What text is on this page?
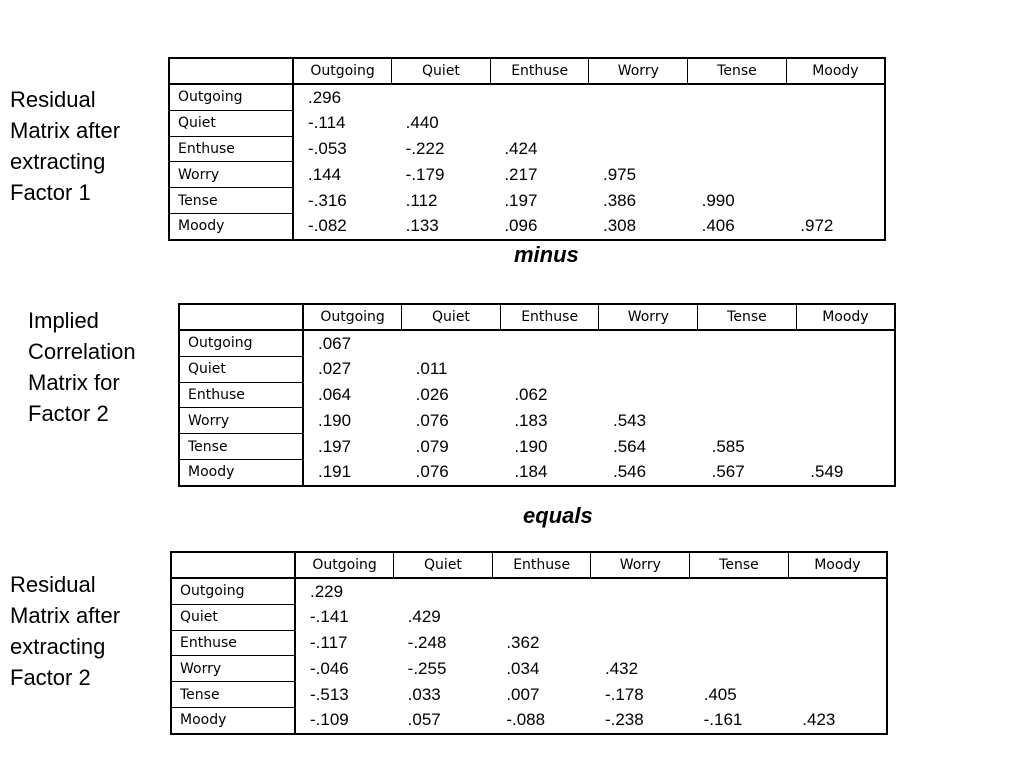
Residual
Matrix after
extracting
Factor 1
	Outgoing	Quiet	Enthuse	Worry	Tense	Moody
Outgoing	.296					
Quiet	-.114	.440				
Enthuse	-.053	-.222	.424			
Worry	.144	-.179	.217	.975		
Tense	-.316	.112	.197	.386	.990	
Moody	-.082	.133	.096	.308	.406	.972
minus
Implied
Correlation
Matrix for
Factor 2
	Outgoing	Quiet	Enthuse	Worry	Tense	Moody
Outgoing	.067					
Quiet	.027	.011				
Enthuse	.064	.026	.062			
Worry	.190	.076	.183	.543		
Tense	.197	.079	.190	.564	.585	
Moody	.191	.076	.184	.546	.567	.549
equals
Residual
Matrix after
extracting
Factor 2
	Outgoing	Quiet	Enthuse	Worry	Tense	Moody
Outgoing	.229					
Quiet	-.141	.429				
Enthuse	-.117	-.248	.362			
Worry	-.046	-.255	.034	.432		
Tense	-.513	.033	.007	-.178	.405	
Moody	-.109	.057	-.088	-.238	-.161	.423
